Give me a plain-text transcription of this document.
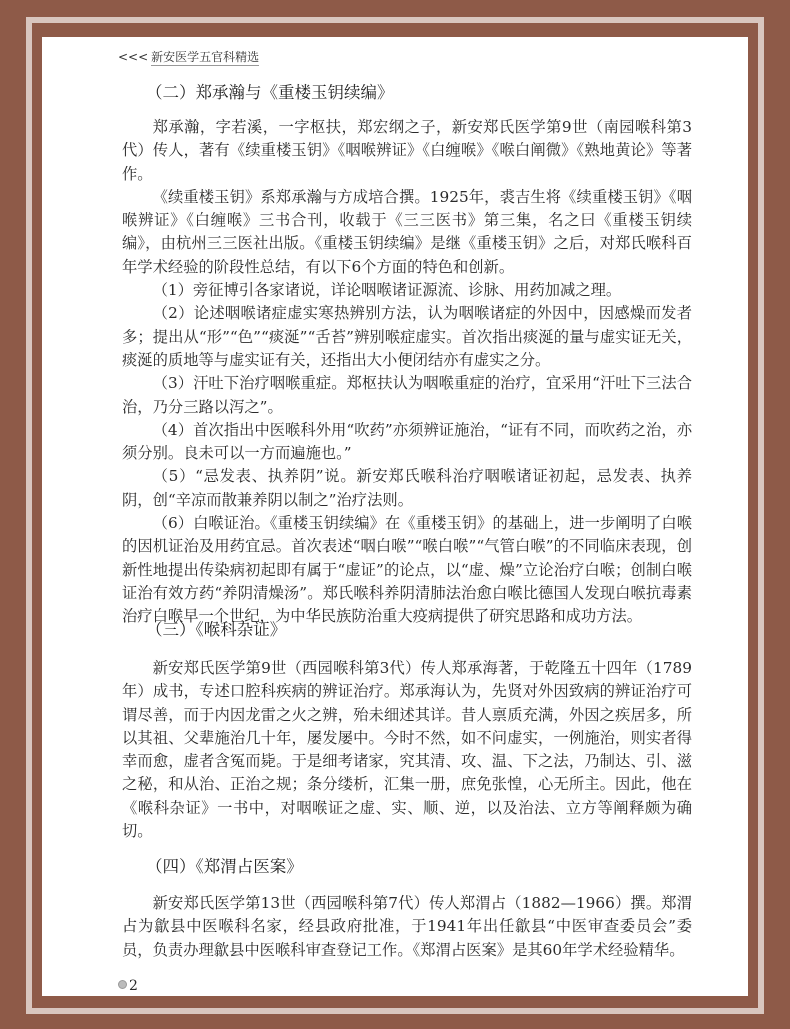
<<< 新安医学五官科精选
（二）郑承瀚与《重楼玉钥续编》

郑承瀚，字若溪，一字枢扶，郑宏纲之子，新安郑氏医学第9世（南园喉科第3代）传人，著有《续重楼玉钥》《咽喉辨证》《白缠喉》《喉白阐微》《熟地黄论》等著作。

《续重楼玉钥》系郑承瀚与方成培合撰。1925年，裘吉生将《续重楼玉钥》《咽喉辨证》《白缠喉》三书合刊，收载于《三三医书》第三集，名之曰《重楼玉钥续编》，由杭州三三医社出版。《重楼玉钥续编》是继《重楼玉钥》之后，对郑氏喉科百年学术经验的阶段性总结，有以下6个方面的特色和创新。

（1）旁征博引各家诸说，详论咽喉诸证源流、诊脉、用药加减之理。

（2）论述咽喉诸症虚实寒热辨别方法，认为咽喉诸症的外因中，因感燥而发者多；提出从“形”“色”“痰涎”“舌苔”辨别喉症虚实。首次指出痰涎的量与虚实证无关，痰涎的质地等与虚实证有关，还指出大小便闭结亦有虚实之分。

（3）汗吐下治疗咽喉重症。郑枢扶认为咽喉重症的治疗，宜采用“汗吐下三法合治，乃分三路以泻之”。

（4）首次指出中医喉科外用“吹药”亦须辨证施治，“证有不同，而吹药之治，亦须分别。良未可以一方而遍施也。”

（5）“忌发表、执养阴”说。新安郑氏喉科治疗咽喉诸证初起，忌发表、执养阴，创“辛凉而散兼养阴以制之”治疗法则。

（6）白喉证治。《重楼玉钥续编》在《重楼玉钥》的基础上，进一步阐明了白喉的因机证治及用药宜忌。首次表述“咽白喉”“喉白喉”“气管白喉”的不同临床表现，创新性地提出传染病初起即有属于“虚证”的论点，以“虚、燥”立论治疗白喉；创制白喉证治有效方药“养阴清燥汤”。郑氏喉科养阴清肺法治愈白喉比德国人发现白喉抗毒素治疗白喉早一个世纪，为中华民族防治重大疫病提供了研究思路和成功方法。

（三）《喉科杂证》

新安郑氏医学第9世（西园喉科第3代）传人郑承海著，于乾隆五十四年（1789年）成书，专述口腔科疾病的辨证治疗。郑承海认为，先贤对外因致病的辨证治疗可谓尽善，而于内因龙雷之火之辨，殆未细述其详。昔人禀质充满，外因之疾居多，所以其祖、父辈施治几十年，屡发屡中。今时不然，如不问虚实，一例施治，则实者得幸而愈，虚者含冤而毙。于是细考诸家，究其清、攻、温、下之法，乃制达、引、滋之秘，和从治、正治之规；条分缕析，汇集一册，庶免张惶，心无所主。因此，他在《喉科杂证》一书中，对咽喉证之虚、实、顺、逆，以及治法、立方等阐释颇为确切。

（四）《郑渭占医案》

新安郑氏医学第13世（西园喉科第7代）传人郑渭占（1882—1966）撰。郑渭占为歙县中医喉科名家，经县政府批准，于1941年出任歙县“中医审查委员会”委员，负责办理歙县中医喉科审查登记工作。《郑渭占医案》是其60年学术经验精华。

2
